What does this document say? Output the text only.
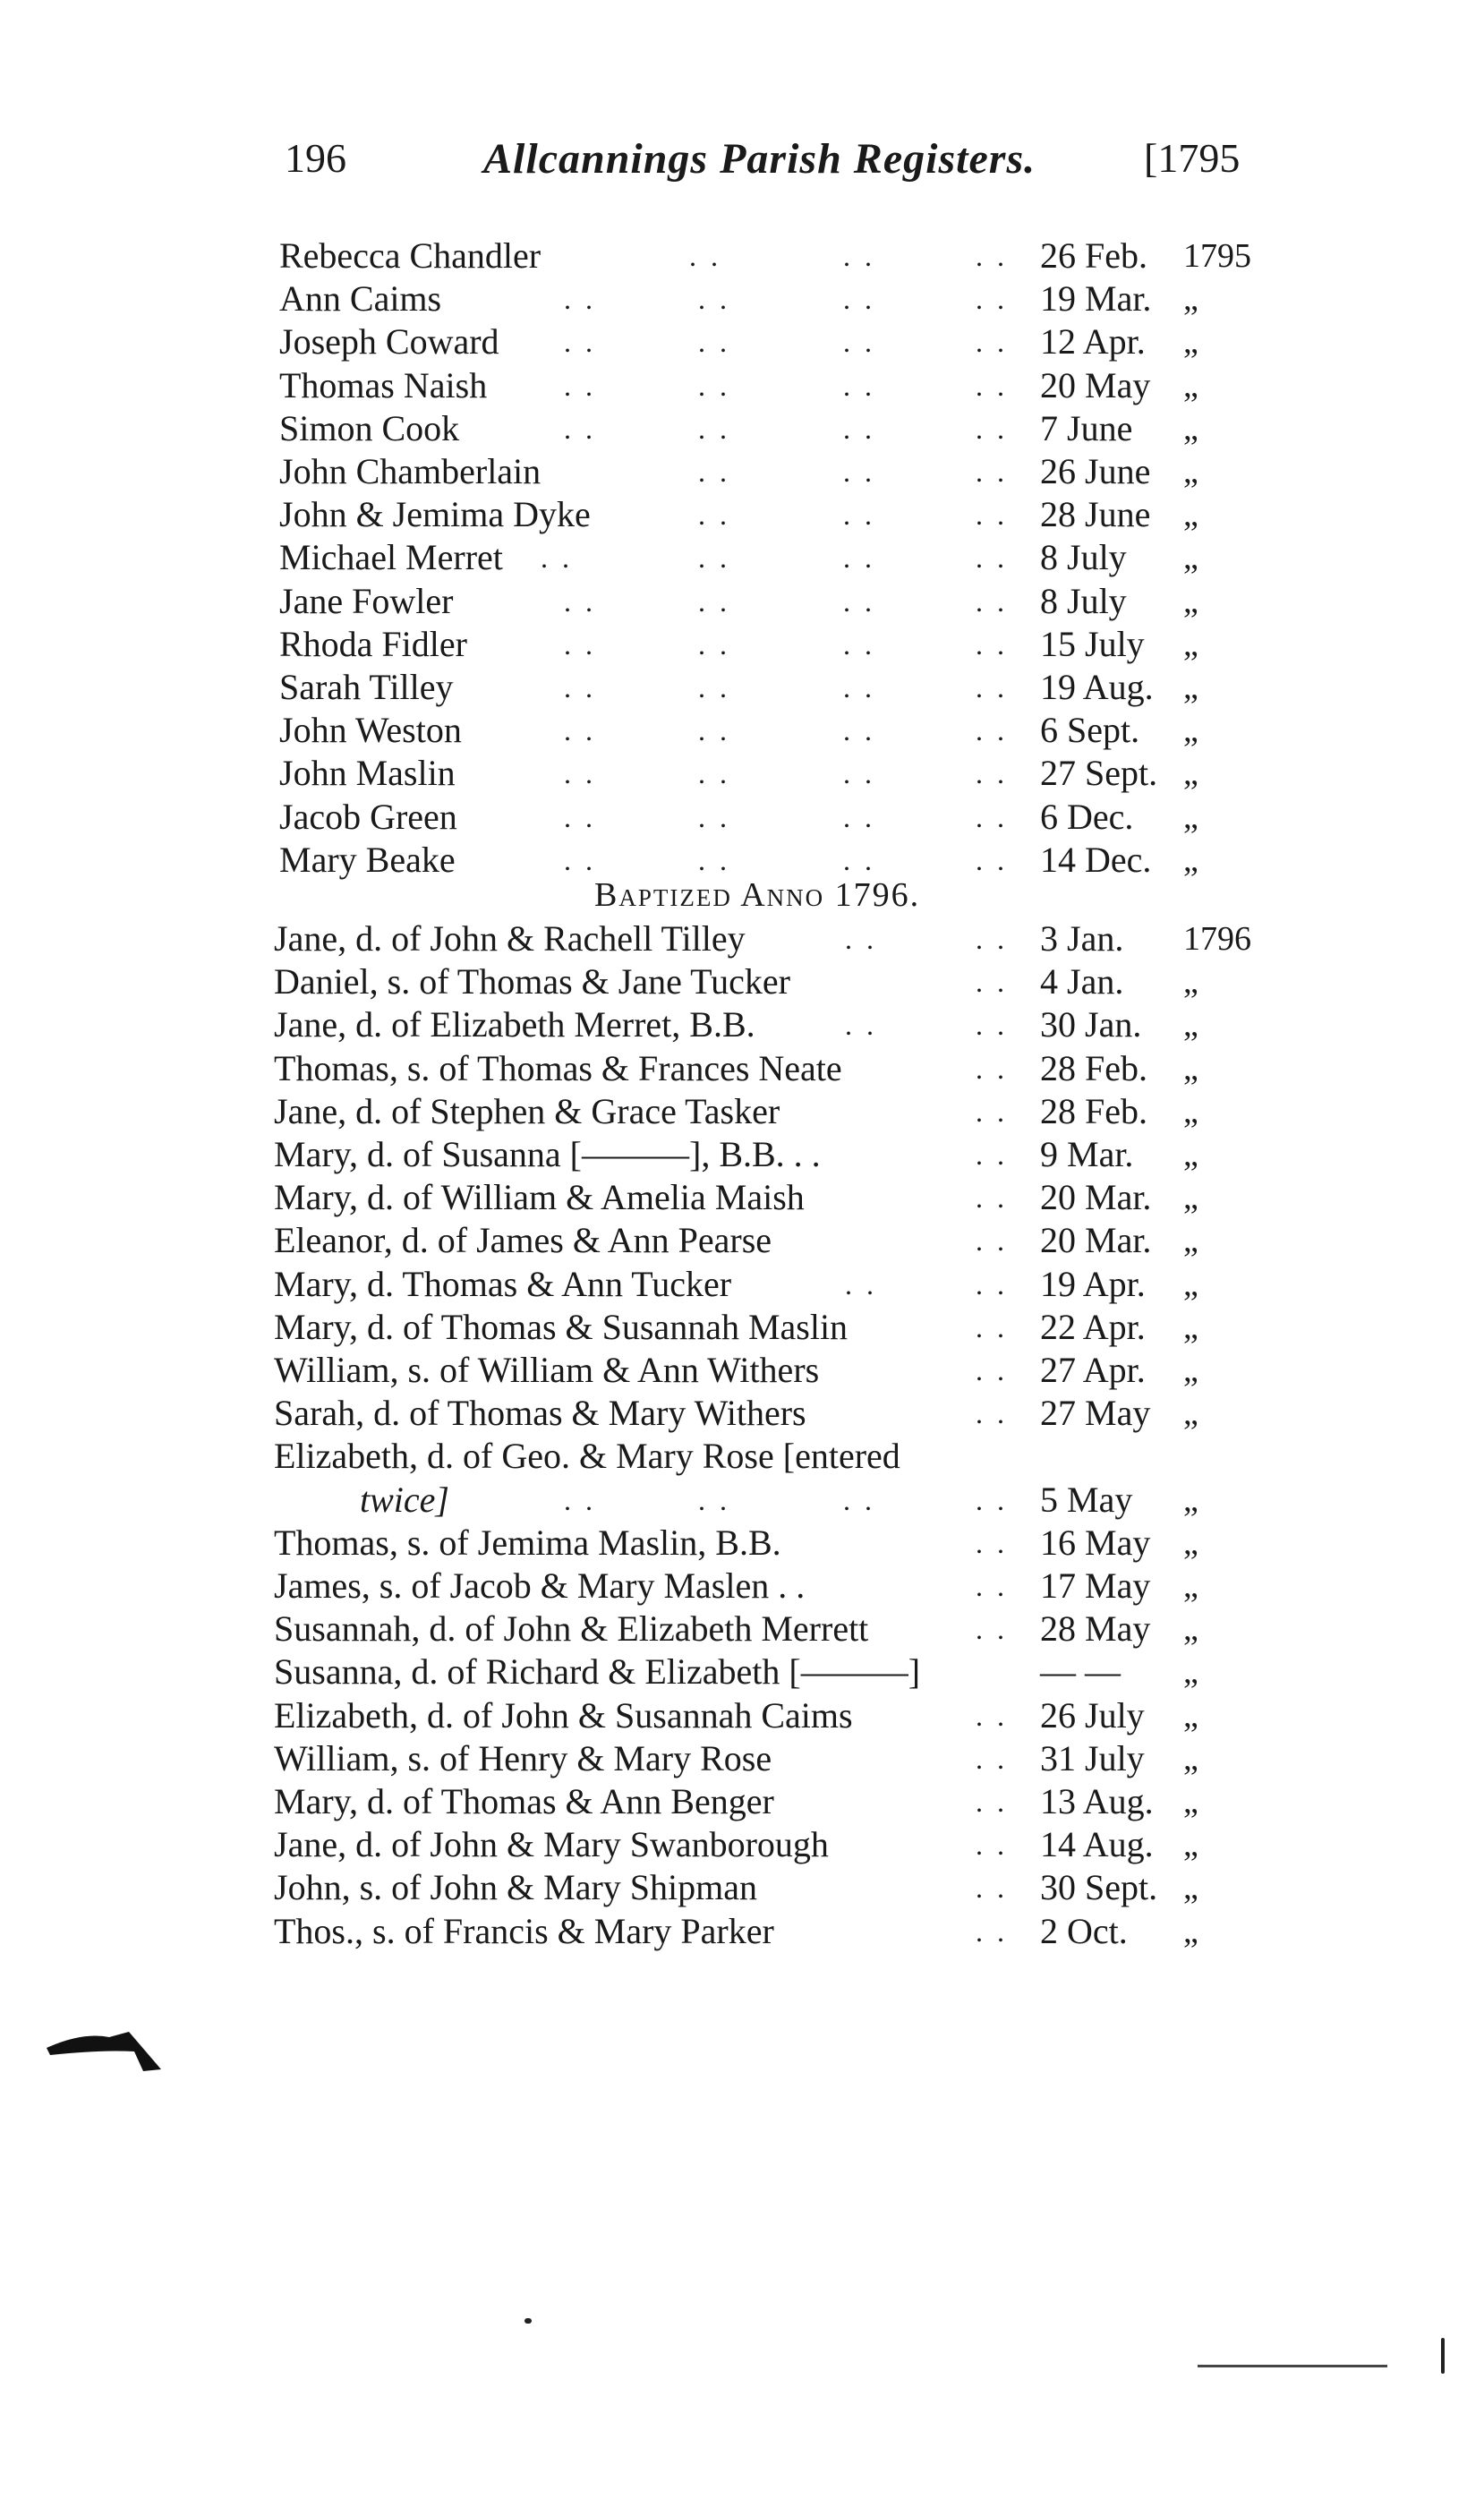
196	Allcannings Parish Registers.	[1795
Rebecca Chandler	. .	. .	. . 26 Feb. 1795
Ann Caims	. .	. .	. .	. . 19 Mar. „
Joseph Coward . .	. .	. .	. . 12 Apr. „
Thomas Naish	. .	. .	. .	. . 20 May „
Simon Cook	. .	. .	. .	. . 7 June „
John Chamberlain	. .	. .	. . 26 June „
John & Jemima Dyke	. .	. .	. . 28 June „
Michael Merret . .	. .	. .	. . 8 July „
Jane Fowler	. .	. .	. .	. . 8 July „
Rhoda Fidler	. .	. .	. .	. . 15 July „
Sarah Tilley	. .	. .	. .	. . 19 Aug. „
John Weston	. .	. .	. .	. . 6 Sept. „
John Maslin	. .	. .	. .	. . 27 Sept. „
Jacob Green	. .	. .	. .	. . 6 Dec. „
Mary Beake	. .	. .	. .	. . 14 Dec. „
Baptized Anno 1796.
Jane, d. of John & Rachell Tilley	. .	. . 3 Jan. 1796
Daniel, s. of Thomas & Jane Tucker	. . 4 Jan. „
Jane, d. of Elizabeth Merret, B.B.	. .	. . 30 Jan. „
Thomas, s. of Thomas & Frances Neate	. . 28 Feb. „
Jane, d. of Stephen & Grace Tasker	. . 28 Feb. „
Mary, d. of Susanna [———], B.B. . .	. . 9 Mar. „
Mary, d. of William & Amelia Maish	. . 20 Mar. „
Eleanor, d. of James & Ann Pearse	. . 20 Mar. „
Mary, d. Thomas & Ann Tucker	. .	. . 19 Apr. „
Mary, d. of Thomas & Susannah Maslin	. . 22 Apr. „
William, s. of William & Ann Withers	. . 27 Apr. „
Sarah, d. of Thomas & Mary Withers	. . 27 May „
Elizabeth, d. of Geo. & Mary Rose [entered
twice]	. .	. .	. .	. . 5 May „
Thomas, s. of Jemima Maslin, B.B.	. . 16 May „
James, s. of Jacob & Mary Maslen . .	. . 17 May „
Susannah, d. of John & Elizabeth Merrett	. . 28 May „
Susanna, d. of Richard & Elizabeth [———]	— — „
Elizabeth, d. of John & Susannah Caims	. . 26 July „
William, s. of Henry & Mary Rose	. . 31 July „
Mary, d. of Thomas & Ann Benger	. . 13 Aug. „
Jane, d. of John & Mary Swanborough	. . 14 Aug. „
John, s. of John & Mary Shipman	. . 30 Sept. „
Thos., s. of Francis & Mary Parker	. . 2 Oct. „
